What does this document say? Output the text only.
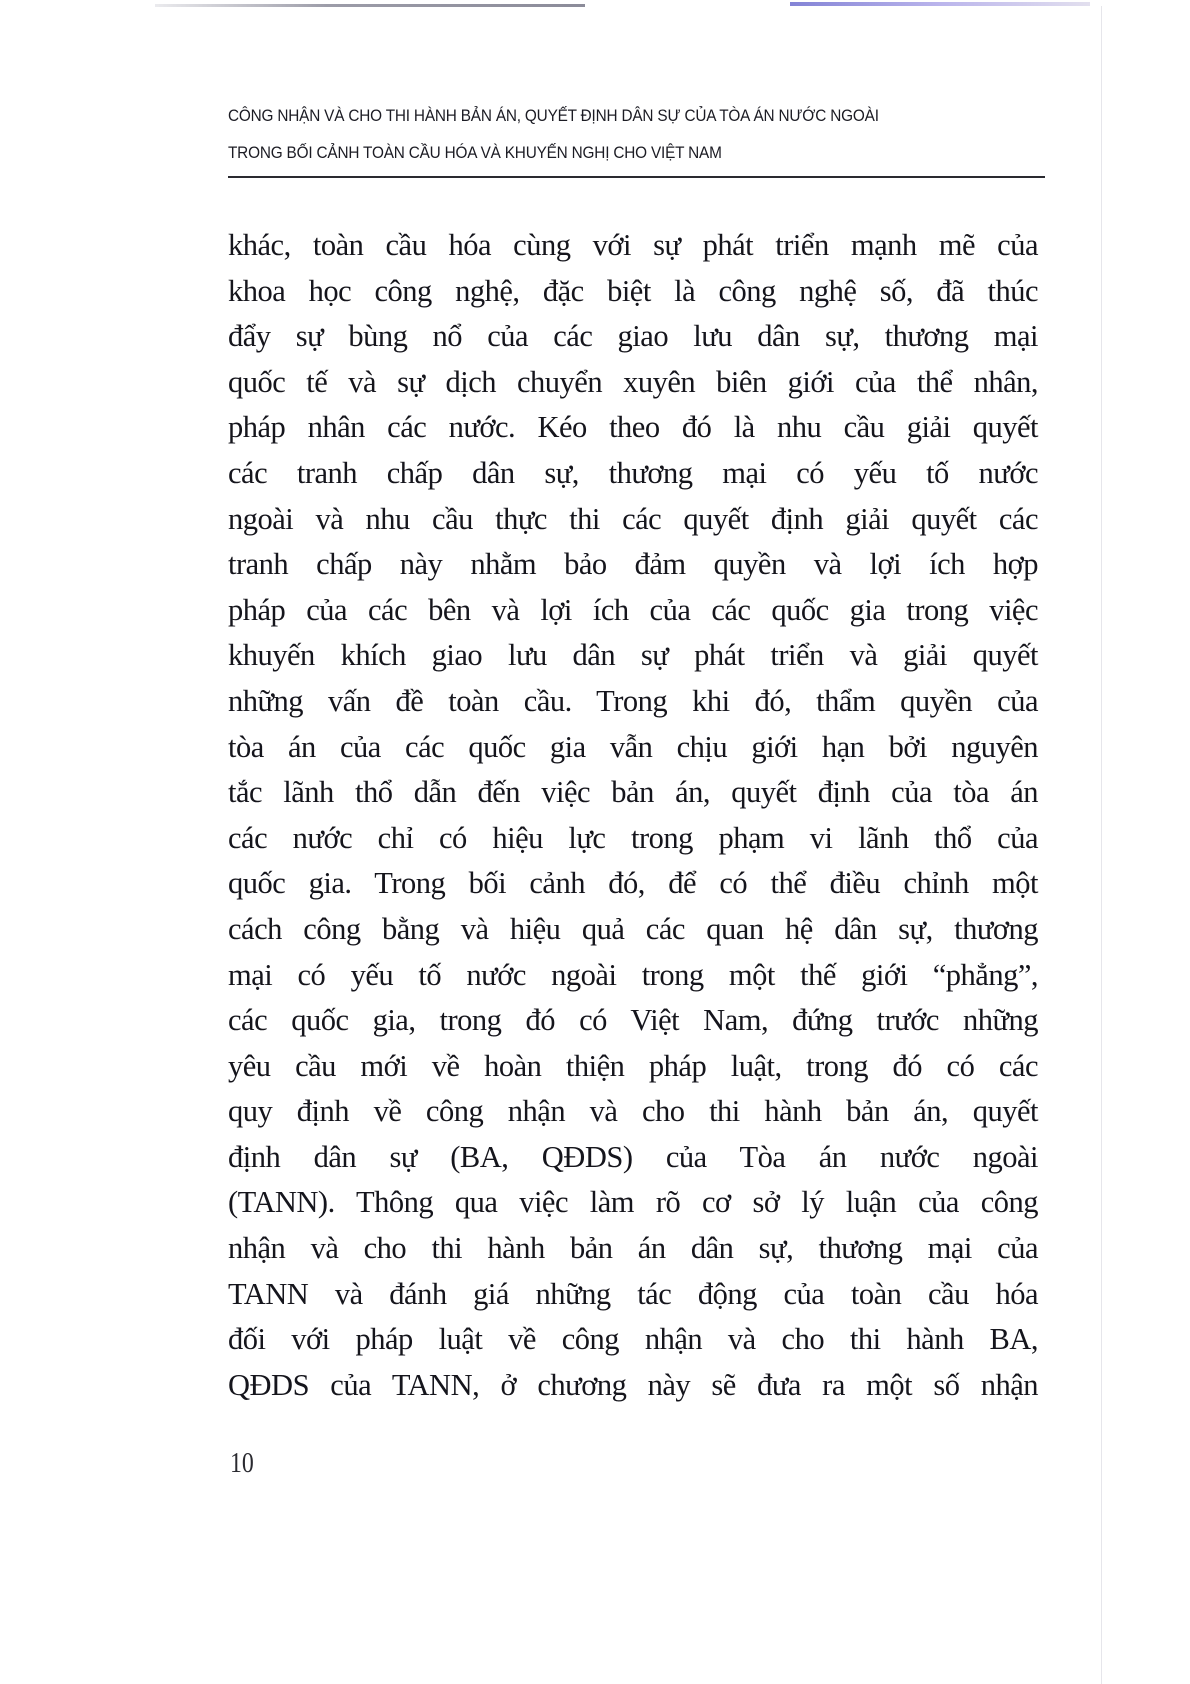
CÔNG NHẬN VÀ CHO THI HÀNH BẢN ÁN, QUYẾT ĐỊNH DÂN SỰ CỦA TÒA ÁN NƯỚC NGOÀI
TRONG BỐI CẢNH TOÀN CẦU HÓA VÀ KHUYẾN NGHỊ CHO VIỆT NAM
khác, toàn cầu hóa cùng với sự phát triển mạnh mẽ của
khoa học công nghệ, đặc biệt là công nghệ số, đã thúc
đẩy sự bùng nổ của các giao lưu dân sự, thương mại
quốc tế và sự dịch chuyển xuyên biên giới của thể nhân,
pháp nhân các nước. Kéo theo đó là nhu cầu giải quyết
các tranh chấp dân sự, thương mại có yếu tố nước
ngoài và nhu cầu thực thi các quyết định giải quyết các
tranh chấp này nhằm bảo đảm quyền và lợi ích hợp
pháp của các bên và lợi ích của các quốc gia trong việc
khuyến khích giao lưu dân sự phát triển và giải quyết
những vấn đề toàn cầu. Trong khi đó, thẩm quyền của
tòa án của các quốc gia vẫn chịu giới hạn bởi nguyên
tắc lãnh thổ dẫn đến việc bản án, quyết định của tòa án
các nước chỉ có hiệu lực trong phạm vi lãnh thổ của
quốc gia. Trong bối cảnh đó, để có thể điều chỉnh một
cách công bằng và hiệu quả các quan hệ dân sự, thương
mại có yếu tố nước ngoài trong một thế giới “phẳng”,
các quốc gia, trong đó có Việt Nam, đứng trước những
yêu cầu mới về hoàn thiện pháp luật, trong đó có các
quy định về công nhận và cho thi hành bản án, quyết
định dân sự (BA, QĐDS) của Tòa án nước ngoài
(TANN). Thông qua việc làm rõ cơ sở lý luận của công
nhận và cho thi hành bản án dân sự, thương mại của
TANN và đánh giá những tác động của toàn cầu hóa
đối với pháp luật về công nhận và cho thi hành BA,
QĐDS của TANN, ở chương này sẽ đưa ra một số nhận
10
